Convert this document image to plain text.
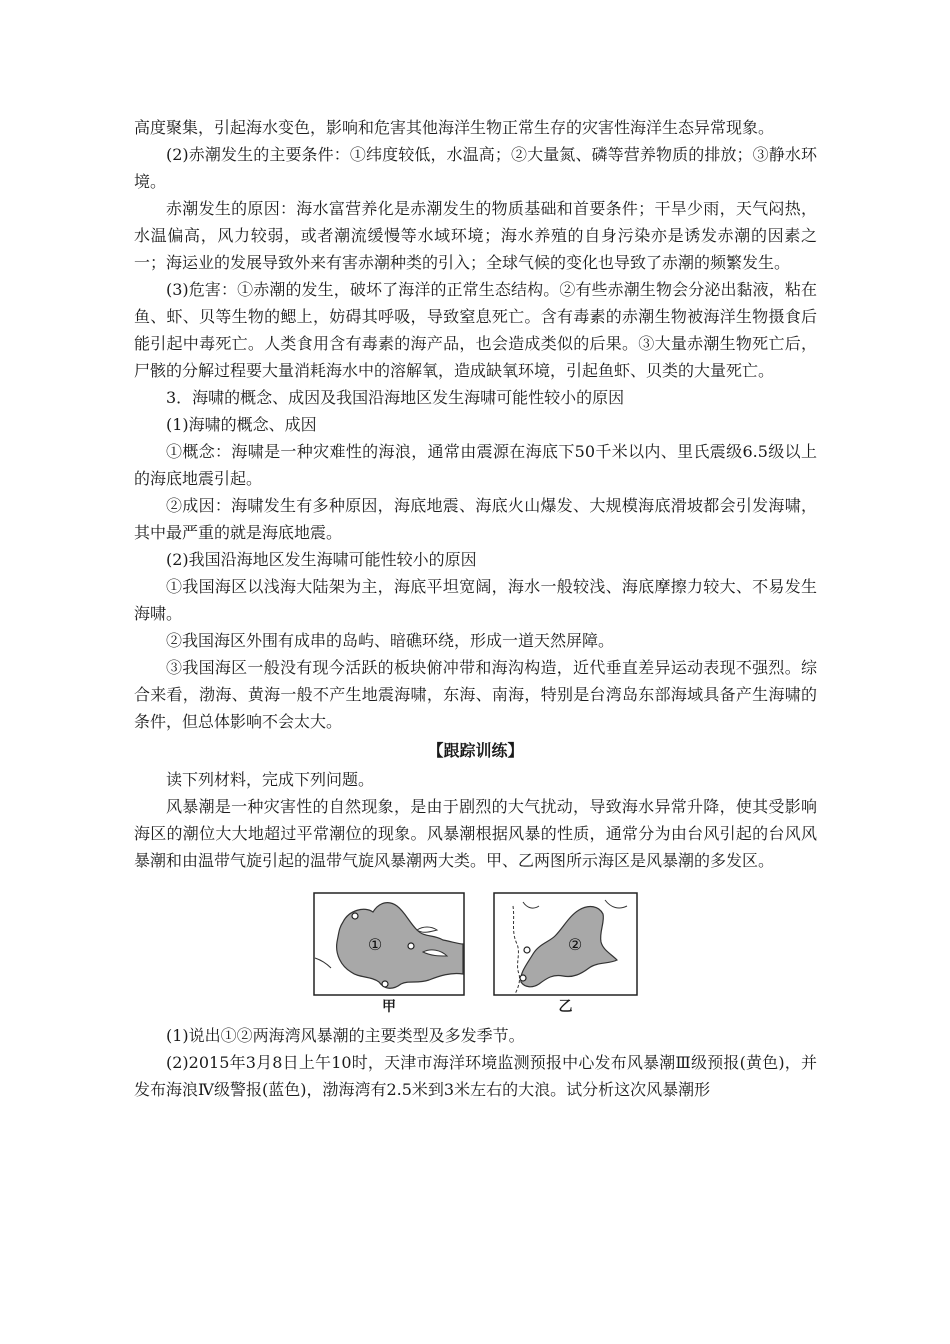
高度聚集，引起海水变色，影响和危害其他海洋生物正常生存的灾害性海洋生态异常现象。

(2)赤潮发生的主要条件：①纬度较低，水温高；②大量氮、磷等营养物质的排放；③静水环境。

赤潮发生的原因：海水富营养化是赤潮发生的物质基础和首要条件；干旱少雨，天气闷热，水温偏高，风力较弱，或者潮流缓慢等水域环境；海水养殖的自身污染亦是诱发赤潮的因素之一；海运业的发展导致外来有害赤潮种类的引入；全球气候的变化也导致了赤潮的频繁发生。

(3)危害：①赤潮的发生，破坏了海洋的正常生态结构。②有些赤潮生物会分泌出黏液，粘在鱼、虾、贝等生物的鳃上，妨碍其呼吸，导致窒息死亡。含有毒素的赤潮生物被海洋生物摄食后能引起中毒死亡。人类食用含有毒素的海产品，也会造成类似的后果。③大量赤潮生物死亡后，尸骸的分解过程要大量消耗海水中的溶解氧，造成缺氧环境，引起鱼虾、贝类的大量死亡。

3．海啸的概念、成因及我国沿海地区发生海啸可能性较小的原因

(1)海啸的概念、成因

①概念：海啸是一种灾难性的海浪，通常由震源在海底下50千米以内、里氏震级6.5级以上的海底地震引起。

②成因：海啸发生有多种原因，海底地震、海底火山爆发、大规模海底滑坡都会引发海啸，其中最严重的就是海底地震。

(2)我国沿海地区发生海啸可能性较小的原因

①我国海区以浅海大陆架为主，海底平坦宽阔，海水一般较浅、海底摩擦力较大、不易发生海啸。

②我国海区外围有成串的岛屿、暗礁环绕，形成一道天然屏障。

③我国海区一般没有现今活跃的板块俯冲带和海沟构造，近代垂直差异运动表现不强烈。综合来看，渤海、黄海一般不产生地震海啸，东海、南海，特别是台湾岛东部海域具备产生海啸的条件，但总体影响不会太大。

【跟踪训练】

读下列材料，完成下列问题。

风暴潮是一种灾害性的自然现象，是由于剧烈的大气扰动，导致海水异常升降，使其受影响海区的潮位大大地超过平常潮位的现象。风暴潮根据风暴的性质，通常分为由台风引起的台风风暴潮和由温带气旋引起的温带气旋风暴潮两大类。甲、乙两图所示海区是风暴潮的多发区。

①
甲
②
乙

(1)说出①②两海湾风暴潮的主要类型及多发季节。

(2)2015年3月8日上午10时，天津市海洋环境监测预报中心发布风暴潮Ⅲ级预报(黄色)，并发布海浪Ⅳ级警报(蓝色)，渤海湾有2.5米到3米左右的大浪。试分析这次风暴潮形
